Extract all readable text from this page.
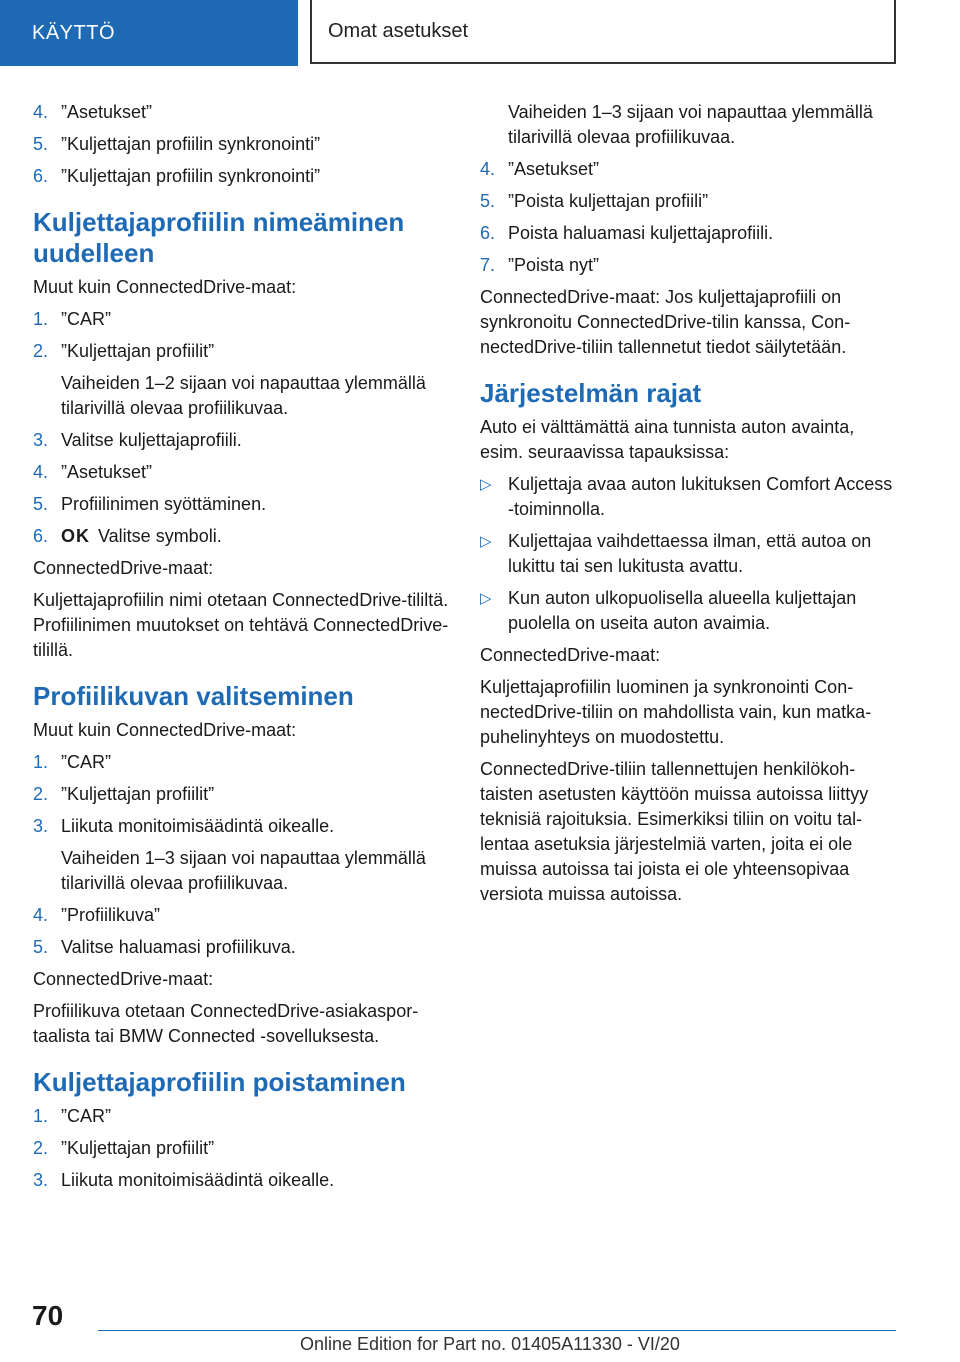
KÄYTTÖ	Omat asetukset
4. ”Asetukset”
5. ”Kuljettajan profiilin synkronointi”
6. ”Kuljettajan profiilin synkronointi”
Kuljettajaprofiilin nimeäminen uudelleen
Muut kuin ConnectedDrive-maat:
1. ”CAR”
2. ”Kuljettajan profiilit”
Vaiheiden 1–2 sijaan voi napauttaa ylemmällä tilarivillä olevaa profiilikuvaa.
3. Valitse kuljettajaprofiili.
4. ”Asetukset”
5. Profiilinimen syöttäminen.
6. OK Valitse symboli.
ConnectedDrive-maat:
Kuljettajaprofiilin nimi otetaan ConnectedDrive-tililtä. Profiilinimen muutokset on tehtävä ConnectedDrive-tilillä.
Profiilikuvan valitseminen
Muut kuin ConnectedDrive-maat:
1. ”CAR”
2. ”Kuljettajan profiilit”
3. Liikuta monitoimisäädintä oikealle.
Vaiheiden 1–3 sijaan voi napauttaa ylemmällä tilarivillä olevaa profiilikuvaa.
4. ”Profiilikuva”
5. Valitse haluamasi profiilikuva.
ConnectedDrive-maat:
Profiilikuva otetaan ConnectedDrive-asiakasportaalista tai BMW Connected -sovelluksesta.
Kuljettajaprofiilin poistaminen
1. ”CAR”
2. ”Kuljettajan profiilit”
3. Liikuta monitoimisäädintä oikealle.
Vaiheiden 1–3 sijaan voi napauttaa ylemmällä tilarivillä olevaa profiilikuvaa.
4. ”Asetukset”
5. ”Poista kuljettajan profiili”
6. Poista haluamasi kuljettajaprofiili.
7. ”Poista nyt”
ConnectedDrive-maat: Jos kuljettajaprofiili on synkronoitu ConnectedDrive-tilin kanssa, ConnectedDrive-tiliin tallennetut tiedot säilytetään.
Järjestelmän rajat
Auto ei välttämättä aina tunnista auton avainta, esim. seuraavissa tapauksissa:
▷ Kuljettaja avaa auton lukituksen Comfort Access -toiminnolla.
▷ Kuljettajaa vaihdettaessa ilman, että autoa on lukittu tai sen lukitusta avattu.
▷ Kun auton ulkopuolisella alueella kuljettajan puolella on useita auton avaimia.
ConnectedDrive-maat:
Kuljettajaprofiilin luominen ja synkronointi ConnectedDrive-tiliin on mahdollista vain, kun matkapuhelinyhteys on muodostettu.
ConnectedDrive-tiliin tallennettujen henkilökohtaisten asetusten käyttöön muissa autoissa liittyy teknisiä rajoituksia. Esimerkiksi tiliin on voitu tallentaa asetuksia järjestelmiä varten, joita ei ole muissa autoissa tai joista ei ole yhteensopivaa versiota muissa autoissa.
70
Online Edition for Part no. 01405A11330 - VI/20
